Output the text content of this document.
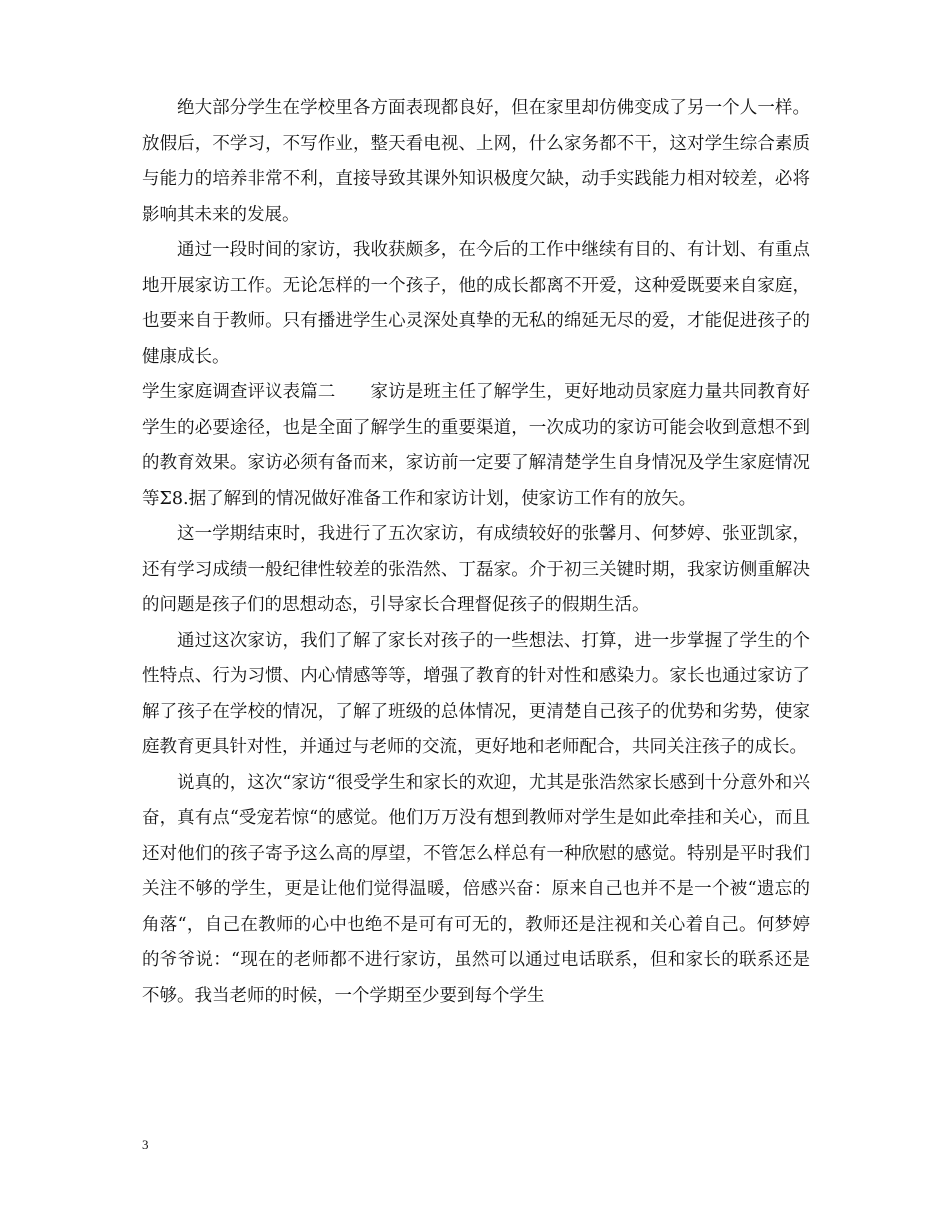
绝大部分学生在学校里各方面表现都良好，但在家里却仿佛变成了另一个人一样。放假后，不学习，不写作业，整天看电视、上网，什么家务都不干，这对学生综合素质与能力的培养非常不利，直接导致其课外知识极度欠缺，动手实践能力相对较差，必将影响其未来的发展。

通过一段时间的家访，我收获颇多，在今后的工作中继续有目的、有计划、有重点地开展家访工作。无论怎样的一个孩子，他的成长都离不开爱，这种爱既要来自家庭，也要来自于教师。只有播进学生心灵深处真挚的无私的绵延无尽的爱，才能促进孩子的健康成长。

学生家庭调查评议表篇二　　家访是班主任了解学生，更好地动员家庭力量共同教育好学生的必要途径，也是全面了解学生的重要渠道，一次成功的家访可能会收到意想不到的教育效果。家访必须有备而来，家访前一定要了解清楚学生自身情况及学生家庭情况等Σ8.据了解到的情况做好准备工作和家访计划，使家访工作有的放矢。

这一学期结束时，我进行了五次家访，有成绩较好的张馨月、何梦婷、张亚凯家，还有学习成绩一般纪律性较差的张浩然、丁磊家。介于初三关键时期，我家访侧重解决的问题是孩子们的思想动态，引导家长合理督促孩子的假期生活。

通过这次家访，我们了解了家长对孩子的一些想法、打算，进一步掌握了学生的个性特点、行为习惯、内心情感等等，增强了教育的针对性和感染力。家长也通过家访了解了孩子在学校的情况，了解了班级的总体情况，更清楚自己孩子的优势和劣势，使家庭教育更具针对性，并通过与老师的交流，更好地和老师配合，共同关注孩子的成长。

说真的，这次“家访“很受学生和家长的欢迎，尤其是张浩然家长感到十分意外和兴奋，真有点“受宠若惊“的感觉。他们万万没有想到教师对学生是如此牵挂和关心，而且还对他们的孩子寄予这么高的厚望，不管怎么样总有一种欣慰的感觉。特别是平时我们关注不够的学生，更是让他们觉得温暖，倍感兴奋：原来自己也并不是一个被“遗忘的角落“，自己在教师的心中也绝不是可有可无的，教师还是注视和关心着自己。何梦婷的爷爷说：“现在的老师都不进行家访，虽然可以通过电话联系，但和家长的联系还是不够。我当老师的时候，一个学期至少要到每个学生

3
